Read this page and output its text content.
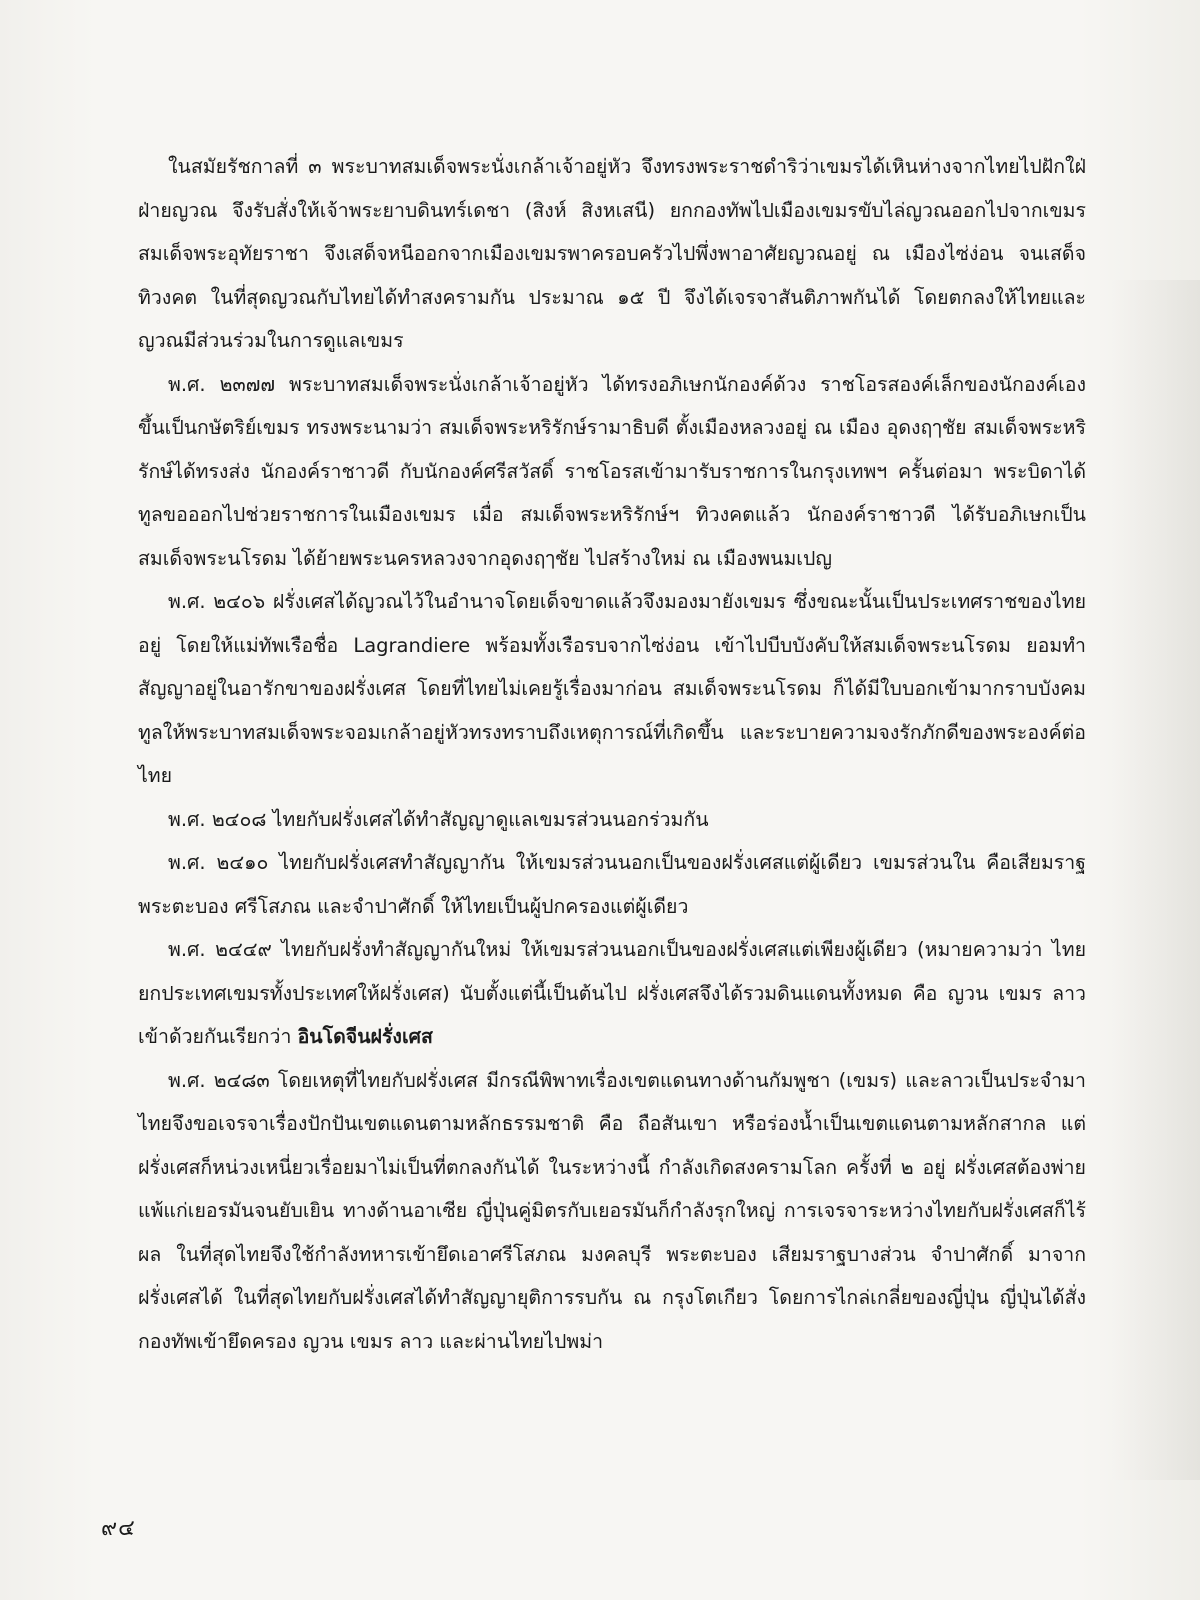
ในสมัยรัชกาลที่ ๓ พระบาทสมเด็จพระนั่งเกล้าเจ้าอยู่หัว จึงทรงพระราชดำริว่าเขมรได้เหินห่างจากไทยไปฝักใฝ่ฝ่ายญวณ จึงรับสั่งให้เจ้าพระยาบดินทร์เดชา (สิงห์ สิงหเสนี) ยกกองทัพไปเมืองเขมรขับไล่ญวณออกไปจากเขมร สมเด็จพระอุทัยราชา จึงเสด็จหนีออกจากเมืองเขมรพาครอบครัวไปพึ่งพาอาศัยญวณอยู่ ณ เมืองไซ่ง่อน จนเสด็จทิวงคต ในที่สุดญวณกับไทยได้ทำสงครามกัน ประมาณ ๑๕ ปี จึงได้เจรจาสันติภาพกันได้ โดยตกลงให้ไทยและญวณมีส่วนร่วมในการดูแลเขมร

พ.ศ. ๒๓๗๗ พระบาทสมเด็จพระนั่งเกล้าเจ้าอยู่หัว ได้ทรงอภิเษกนักองค์ด้วง ราชโอรสองค์เล็กของนักองค์เอง ขึ้นเป็นกษัตริย์เขมร ทรงพระนามว่า สมเด็จพระหริรักษ์รามาธิบดี ตั้งเมืองหลวงอยู่ ณ เมือง อุดงฤๅชัย สมเด็จพระหริรักษ์ได้ทรงส่ง นักองค์ราชาวดี กับนักองค์ศรีสวัสดิ์ ราชโอรสเข้ามารับราชการในกรุงเทพฯ ครั้นต่อมา พระบิดาได้ทูลขอออกไปช่วยราชการในเมืองเขมร เมื่อ สมเด็จพระหริรักษ์ฯ ทิวงคตแล้ว นักองค์ราชาวดี ได้รับอภิเษกเป็น สมเด็จพระนโรดม ได้ย้ายพระนครหลวงจากอุดงฤๅชัย ไปสร้างใหม่ ณ เมืองพนมเปญ

พ.ศ. ๒๔๐๖ ฝรั่งเศสได้ญวณไว้ในอำนาจโดยเด็จขาดแล้วจึงมองมายังเขมร ซึ่งขณะนั้นเป็นประเทศราชของไทยอยู่ โดยให้แม่ทัพเรือชื่อ Lagrandiere พร้อมทั้งเรือรบจากไซ่ง่อน เข้าไปบีบบังคับให้สมเด็จพระนโรดม ยอมทำสัญญาอยู่ในอารักขาของฝรั่งเศส โดยที่ไทยไม่เคยรู้เรื่องมาก่อน สมเด็จพระนโรดม ก็ได้มีใบบอกเข้ามากราบบังคมทูลให้พระบาทสมเด็จพระจอมเกล้าอยู่หัวทรงทราบถึงเหตุการณ์ที่เกิดขึ้น และระบายความจงรักภักดีของพระองค์ต่อไทย

พ.ศ. ๒๔๐๘ ไทยกับฝรั่งเศสได้ทำสัญญาดูแลเขมรส่วนนอกร่วมกัน

พ.ศ. ๒๔๑๐ ไทยกับฝรั่งเศสทำสัญญากัน ให้เขมรส่วนนอกเป็นของฝรั่งเศสแต่ผู้เดียว เขมรส่วนใน คือเสียมราฐ พระตะบอง ศรีโสภณ และจำปาศักดิ์ ให้ไทยเป็นผู้ปกครองแต่ผู้เดียว

พ.ศ. ๒๔๔๙ ไทยกับฝรั่งทำสัญญากันใหม่ ให้เขมรส่วนนอกเป็นของฝรั่งเศสแต่เพียงผู้เดียว (หมายความว่า ไทยยกประเทศเขมรทั้งประเทศให้ฝรั่งเศส) นับตั้งแต่นี้เป็นต้นไป ฝรั่งเศสจึงได้รวมดินแดนทั้งหมด คือ ญวน เขมร ลาว เข้าด้วยกันเรียกว่า อินโดจีนฝรั่งเศส

พ.ศ. ๒๔๘๓ โดยเหตุที่ไทยกับฝรั่งเศส มีกรณีพิพาทเรื่องเขตแดนทางด้านกัมพูชา (เขมร) และลาวเป็นประจำมา ไทยจึงขอเจรจาเรื่องปักปันเขตแดนตามหลักธรรมชาติ คือ ถือสันเขา หรือร่องน้ำเป็นเขตแดนตามหลักสากล แต่ฝรั่งเศสก็หน่วงเหนี่ยวเรื่อยมาไม่เป็นที่ตกลงกันได้ ในระหว่างนี้ กำลังเกิดสงครามโลก ครั้งที่ ๒ อยู่ ฝรั่งเศสต้องพ่ายแพ้แก่เยอรมันจนยับเยิน ทางด้านอาเซีย ญี่ปุ่นคู่มิตรกับเยอรมันก็กำลังรุกใหญ่ การเจรจาระหว่างไทยกับฝรั่งเศสก็ไร้ผล ในที่สุดไทยจึงใช้กำลังทหารเข้ายึดเอาศรีโสภณ มงคลบุรี พระตะบอง เสียมราฐบางส่วน จำปาศักดิ์ มาจากฝรั่งเศสได้ ในที่สุดไทยกับฝรั่งเศสได้ทำสัญญายุติการรบกัน ณ กรุงโตเกียว โดยการไกล่เกลี่ยของญี่ปุ่น ญี่ปุ่นได้สั่งกองทัพเข้ายึดครอง ญวน เขมร ลาว และผ่านไทยไปพม่า

๙๔
